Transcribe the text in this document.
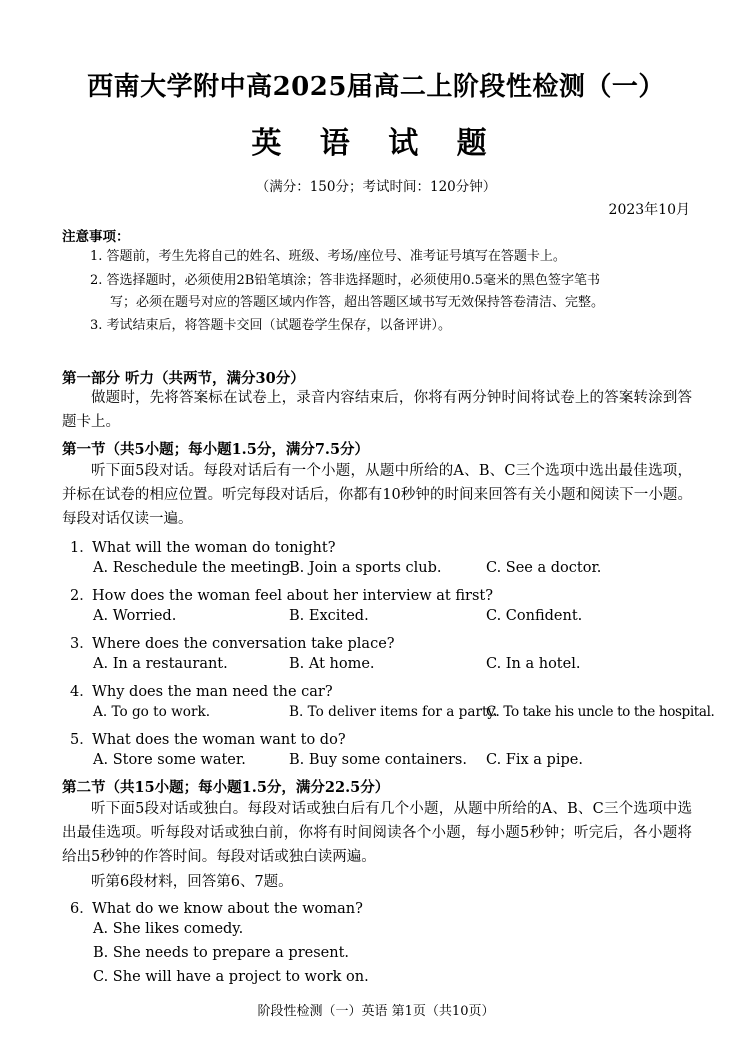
西南大学附中高2025届高二上阶段性检测（一）
英 语 试 题
（满分：150分；考试时间：120分钟）
2023年10月
注意事项：
1. 答题前，考生先将自己的姓名、班级、考场/座位号、准考证号填写在答题卡上。
2. 答选择题时，必须使用2B铅笔填涂；答非选择题时，必须使用0.5毫米的黑色签字笔书
写；必须在题号对应的答题区域内作答，超出答题区域书写无效保持答卷清洁、完整。
3. 考试结束后，将答题卡交回（试题卷学生保存，以备评讲）。
第一部分 听力（共两节，满分30分）
做题时，先将答案标在试卷上，录音内容结束后，你将有两分钟时间将试卷上的答案转涂到答题卡上。
第一节（共5小题；每小题1.5分，满分7.5分）
听下面5段对话。每段对话后有一个小题，从题中所给的A、B、C三个选项中选出最佳选项，并标在试卷的相应位置。听完每段对话后，你都有10秒钟的时间来回答有关小题和阅读下一小题。每段对话仅读一遍。
1．What will the woman do tonight?
A. Reschedule the meeting.
B. Join a sports club.	C. See a doctor.
2．How does the woman feel about her interview at first?
A. Worried.	B. Excited.	C. Confident.
3．Where does the conversation take place?
A. In a restaurant.	B. At home.	C. In a hotel.
4．Why does the man need the car?
A. To go to work.	B. To deliver items for a party.
C. To take his uncle to the hospital.
5．What does the woman want to do?
A. Store some water.	B. Buy some containers. C. Fix a pipe.
第二节（共15小题；每小题1.5分，满分22.5分）
听下面5段对话或独白。每段对话或独白后有几个小题，从题中所给的A、B、C三个选项中选出最佳选项。听每段对话或独白前，你将有时间阅读各个小题，每小题5秒钟；听完后，各小题将给出5秒钟的作答时间。每段对话或独白读两遍。
听第6段材料，回答第6、7题。
6．What do we know about the woman?
A. She likes comedy.
B. She needs to prepare a present.
C. She will have a project to work on.
阶段性检测（一）英语 第1页（共10页）
